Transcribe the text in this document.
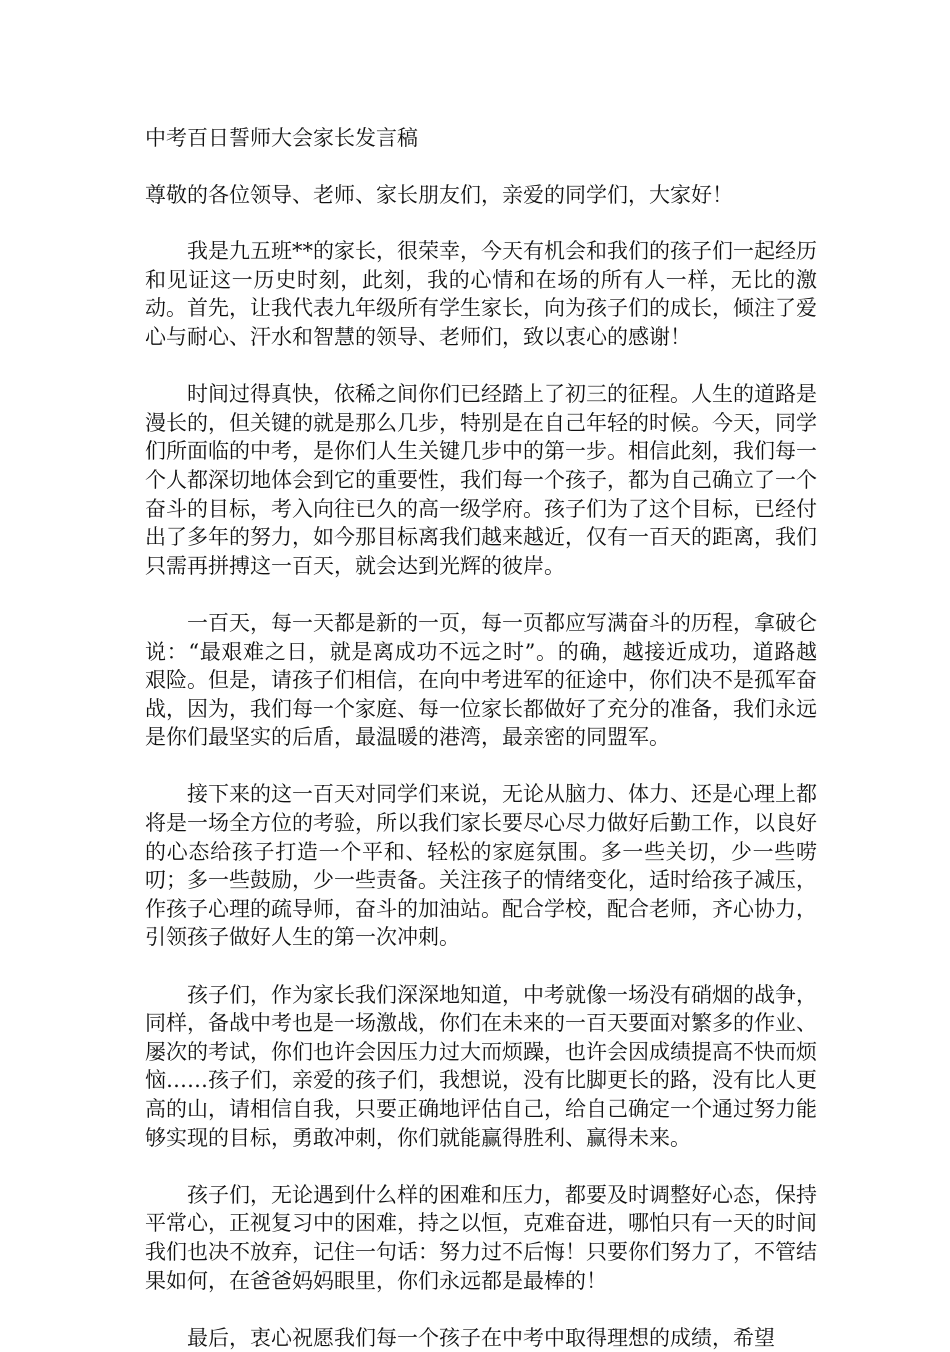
中考百日誓师大会家长发言稿
尊敬的各位领导、老师、家长朋友们，亲爱的同学们，大家好！

我是九五班**的家长，很荣幸，今天有机会和我们的孩子们一起经历和见证这一历史时刻，此刻，我的心情和在场的所有人一样，无比的激动。首先，让我代表九年级所有学生家长，向为孩子们的成长，倾注了爱心与耐心、汗水和智慧的领导、老师们，致以衷心的感谢！

时间过得真快，依稀之间你们已经踏上了初三的征程。人生的道路是漫长的，但关键的就是那么几步，特别是在自己年轻的时候。今天，同学们所面临的中考，是你们人生关键几步中的第一步。相信此刻，我们每一个人都深切地体会到它的重要性，我们每一个孩子，都为自己确立了一个奋斗的目标，考入向往已久的高一级学府。孩子们为了这个目标，已经付出了多年的努力，如今那目标离我们越来越近，仅有一百天的距离，我们只需再拼搏这一百天，就会达到光辉的彼岸。

一百天，每一天都是新的一页，每一页都应写满奋斗的历程，拿破仑说：“最艰难之日，就是离成功不远之时”。的确，越接近成功，道路越艰险。但是，请孩子们相信，在向中考进军的征途中，你们决不是孤军奋战，因为，我们每一个家庭、每一位家长都做好了充分的准备，我们永远是你们最坚实的后盾，最温暖的港湾，最亲密的同盟军。

接下来的这一百天对同学们来说，无论从脑力、体力、还是心理上都将是一场全方位的考验，所以我们家长要尽心尽力做好后勤工作，以良好的心态给孩子打造一个平和、轻松的家庭氛围。多一些关切，少一些唠叨；多一些鼓励，少一些责备。关注孩子的情绪变化，适时给孩子减压，作孩子心理的疏导师，奋斗的加油站。配合学校，配合老师，齐心协力，引领孩子做好人生的第一次冲刺。

孩子们，作为家长我们深深地知道，中考就像一场没有硝烟的战争，同样，备战中考也是一场激战，你们在未来的一百天要面对繁多的作业、屡次的考试，你们也许会因压力过大而烦躁，也许会因成绩提高不快而烦恼……孩子们，亲爱的孩子们，我想说，没有比脚更长的路，没有比人更高的山，请相信自我，只要正确地评估自己，给自己确定一个通过努力能够实现的目标，勇敢冲刺，你们就能赢得胜利、赢得未来。

孩子们，无论遇到什么样的困难和压力，都要及时调整好心态，保持平常心，正视复习中的困难，持之以恒，克难奋进，哪怕只有一天的时间我们也决不放弃，记住一句话：努力过不后悔！只要你们努力了，不管结果如何，在爸爸妈妈眼里，你们永远都是最棒的！

最后，衷心祝愿我们每一个孩子在中考中取得理想的成绩，希望
